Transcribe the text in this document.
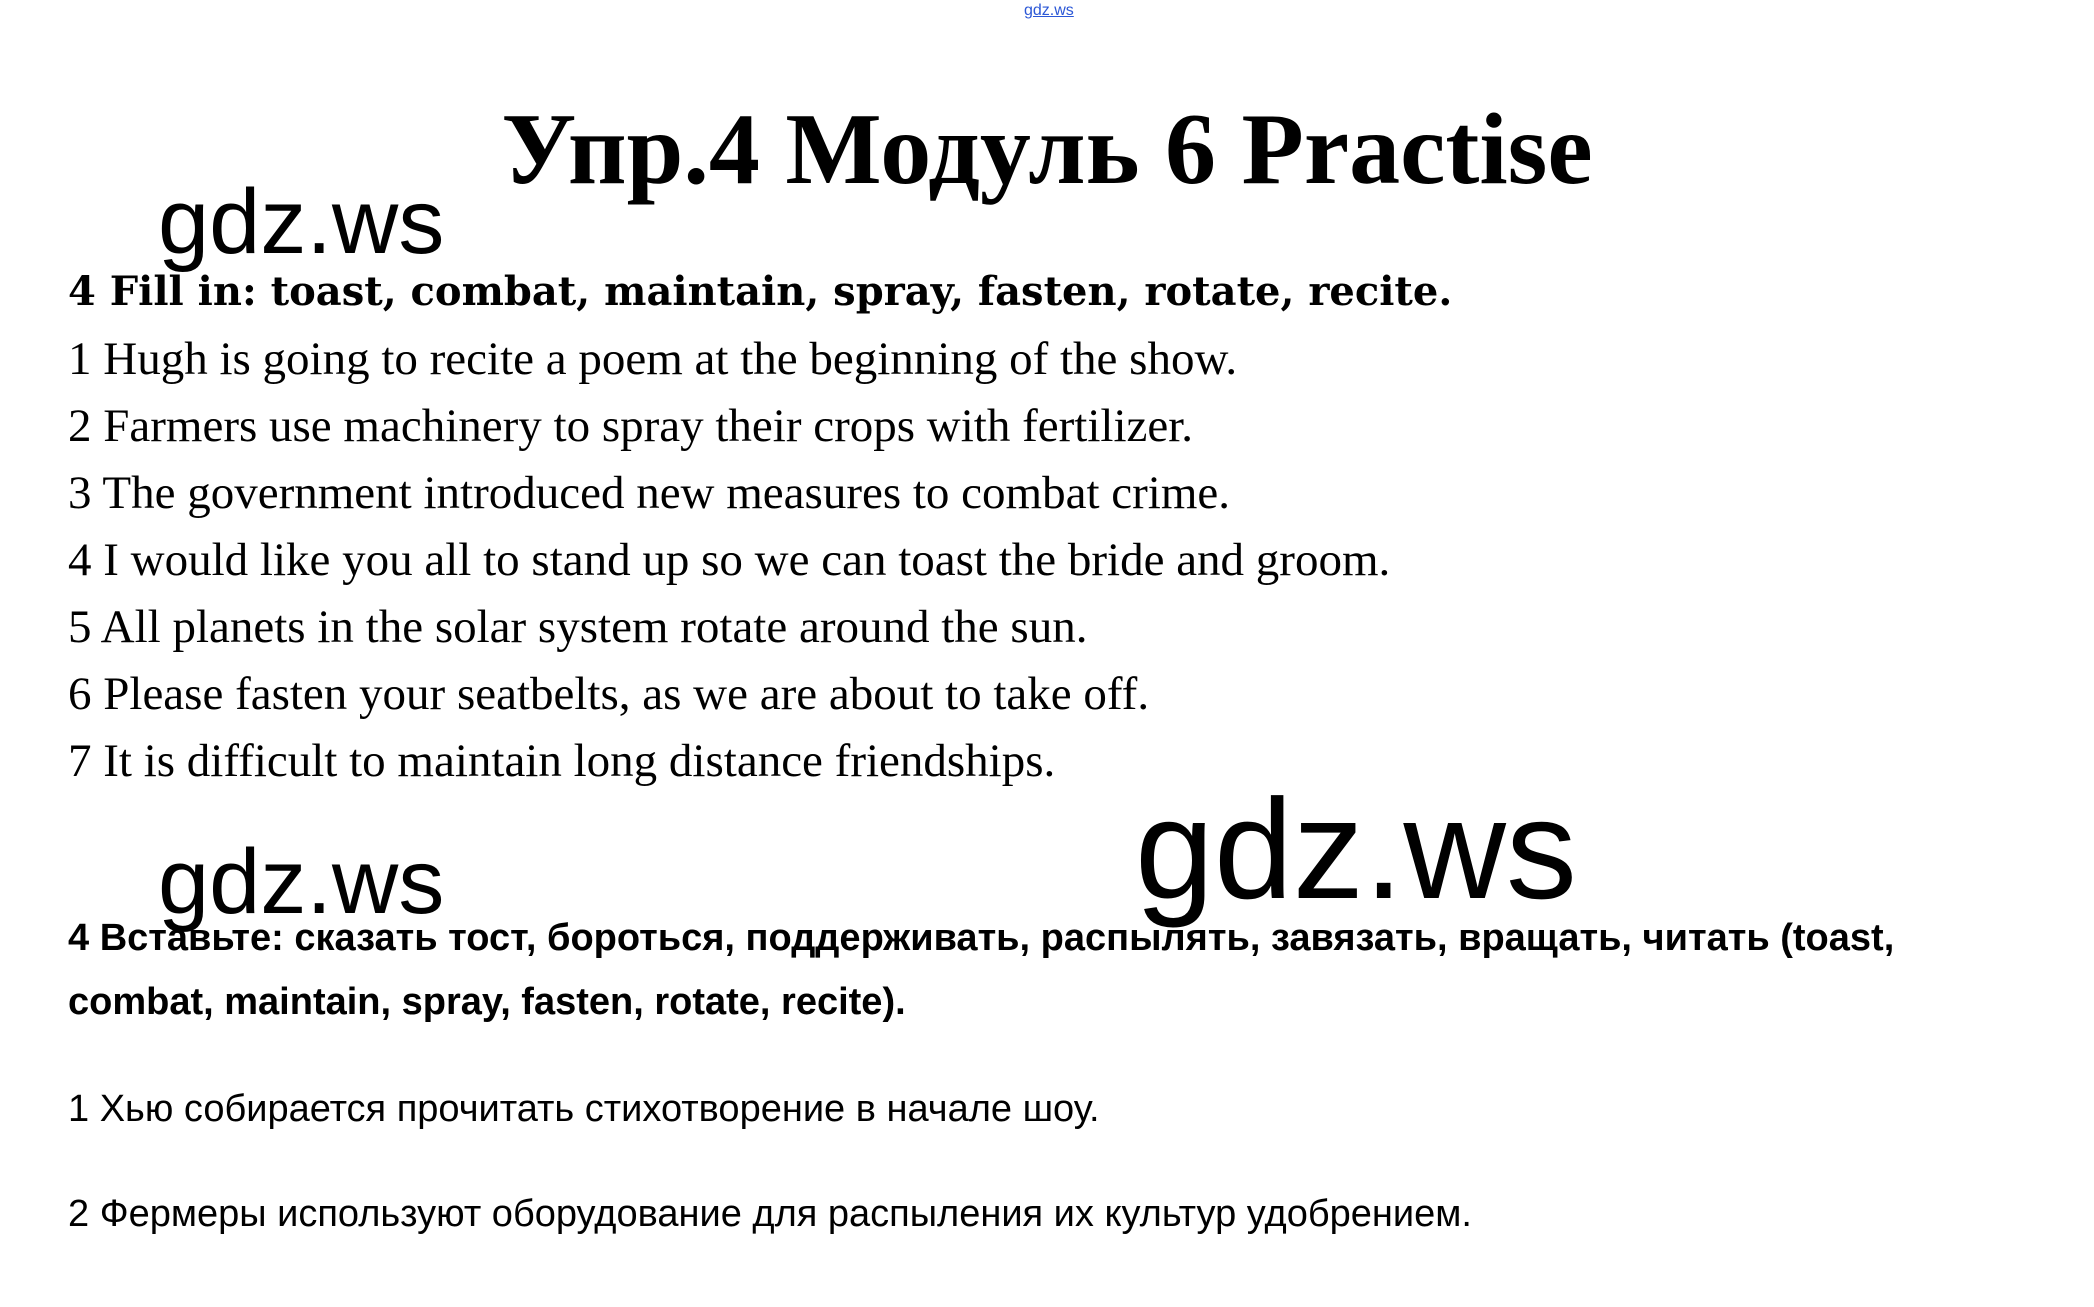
gdz.ws
Упр.4 Модуль 6 Practise
gdz.ws
4 Fill in: toast, combat, maintain, spray, fasten, rotate, recite.
1 Hugh is going to recite a poem at the beginning of the show.
2 Farmers use machinery to spray their crops with fertilizer.
3 The government introduced new measures to combat crime.
4 I would like you all to stand up so we can toast the bride and groom.
5 All planets in the solar system rotate around the sun.
6 Please fasten your seatbelts, as we are about to take off.
7 It is difficult to maintain long distance friendships.
gdz.ws
gdz.ws
4 Вставьте: сказать тост, бороться, поддерживать, распылять, завязать, вращать, читать (toast, combat, maintain, spray, fasten, rotate, recite).
1 Хью собирается прочитать стихотворение в начале шоу.
2 Фермеры используют оборудование для распыления их культур удобрением.
